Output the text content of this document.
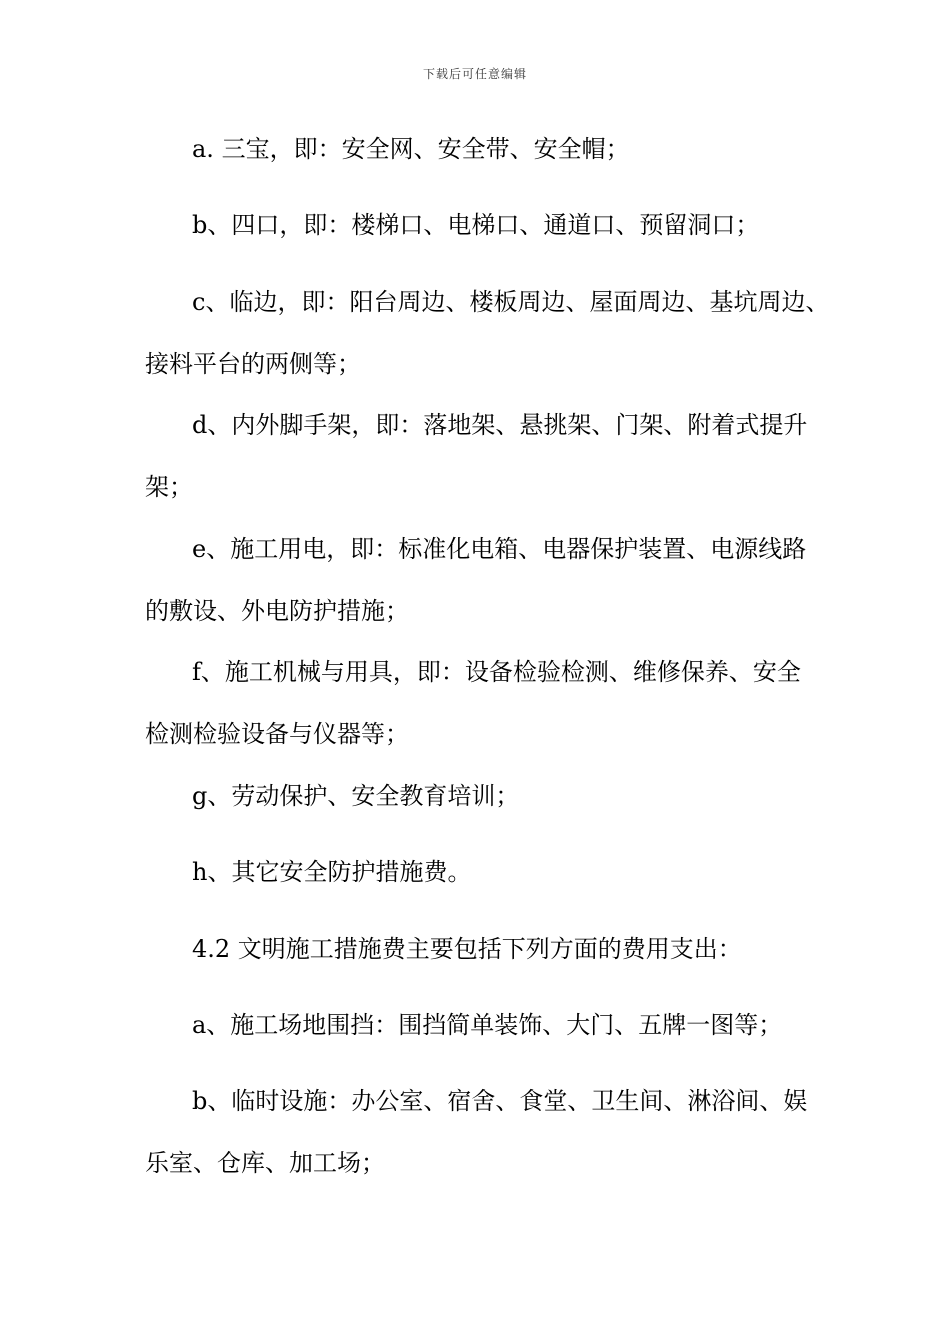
下载后可任意编辑
a. 三宝，即：安全网、安全带、安全帽；
b、四口，即：楼梯口、电梯口、通道口、预留洞口；
c、临边，即：阳台周边、楼板周边、屋面周边、基坑周边、
接料平台的两侧等；
d、内外脚手架，即：落地架、悬挑架、门架、附着式提升
架；
e、施工用电，即：标准化电箱、电器保护装置、电源线路
的敷设、外电防护措施；
f、施工机械与用具，即：设备检验检测、维修保养、安全
检测检验设备与仪器等；
g、劳动保护、安全教育培训；
h、其它安全防护措施费。
4.2 文明施工措施费主要包括下列方面的费用支出：
a、施工场地围挡：围挡简单装饰、大门、五牌一图等；
b、临时设施：办公室、宿舍、食堂、卫生间、淋浴间、娱
乐室、仓库、加工场；
